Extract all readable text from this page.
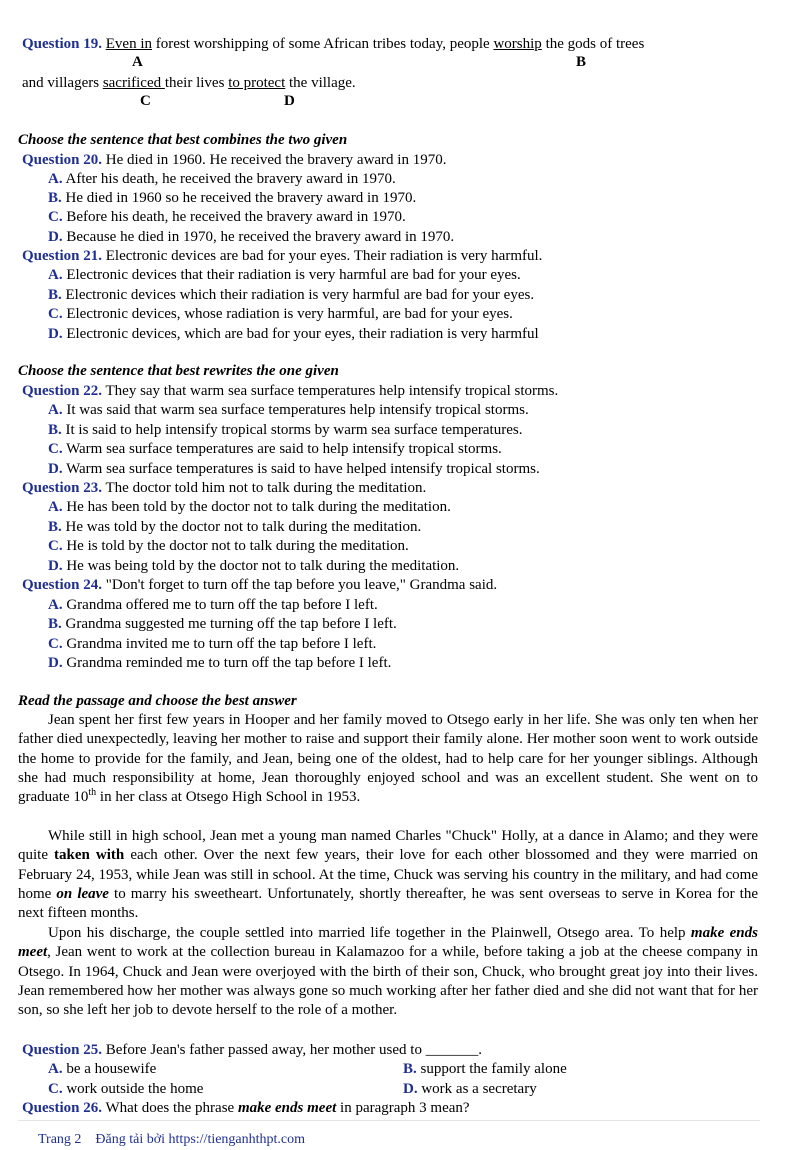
Question 19. Even in forest worshipping of some African tribes today, people worship the gods of trees
A	B
and villagers sacrificed their lives to protect the village.
C	D
Choose the sentence that best combines the two given
Question 20. He died in 1960. He received the bravery award in 1970.
A. After his death, he received the bravery award in 1970.
B. He died in 1960 so he received the bravery award in 1970.
C. Before his death, he received the bravery award in 1970.
D. Because he died in 1970, he received the bravery award in 1970.
Question 21. Electronic devices are bad for your eyes. Their radiation is very harmful.
A. Electronic devices that their radiation is very harmful are bad for your eyes.
B. Electronic devices which their radiation is very harmful are bad for your eyes.
C. Electronic devices, whose radiation is very harmful, are bad for your eyes.
D. Electronic devices, which are bad for your eyes, their radiation is very harmful
Choose the sentence that best rewrites the one given
Question 22. They say that warm sea surface temperatures help intensify tropical storms.
A. It was said that warm sea surface temperatures help intensify tropical storms.
B. It is said to help intensify tropical storms by warm sea surface temperatures.
C. Warm sea surface temperatures are said to help intensify tropical storms.
D. Warm sea surface temperatures is said to have helped intensify tropical storms.
Question 23. The doctor told him not to talk during the meditation.
A. He has been told by the doctor not to talk during the meditation.
B. He was told by the doctor not to talk during the meditation.
C. He is told by the doctor not to talk during the meditation.
D. He was being told by the doctor not to talk during the meditation.
Question 24. "Don't forget to turn off the tap before you leave," Grandma said.
A. Grandma offered me to turn off the tap before I left.
B. Grandma suggested me turning off the tap before I left.
C. Grandma invited me to turn off the tap before I left.
D. Grandma reminded me to turn off the tap before I left.
Read the passage and choose the best answer
Jean spent her first few years in Hooper and her family moved to Otsego early in her life. She was only ten when her father died unexpectedly, leaving her mother to raise and support their family alone. Her mother soon went to work outside the home to provide for the family, and Jean, being one of the oldest, had to help care for her younger siblings. Although she had much responsibility at home, Jean thoroughly enjoyed school and was an excellent student. She went on to graduate 10th in her class at Otsego High School in 1953.
While still in high school, Jean met a young man named Charles "Chuck" Holly, at a dance in Alamo; and they were quite taken with each other. Over the next few years, their love for each other blossomed and they were married on February 24, 1953, while Jean was still in school. At the time, Chuck was serving his country in the military, and had come home on leave to marry his sweetheart. Unfortunately, shortly thereafter, he was sent overseas to serve in Korea for the next fifteen months.
Upon his discharge, the couple settled into married life together in the Plainwell, Otsego area. To help make ends meet, Jean went to work at the collection bureau in Kalamazoo for a while, before taking a job at the cheese company in Otsego. In 1964, Chuck and Jean were overjoyed with the birth of their son, Chuck, who brought great joy into their lives. Jean remembered how her mother was always gone so much working after her father died and she did not want that for her son, so she left her job to devote herself to the role of a mother.
Question 25. Before Jean's father passed away, her mother used to _______.
A. be a housewife	B. support the family alone
C. work outside the home	D. work as a secretary
Question 26. What does the phrase make ends meet in paragraph 3 mean?
Trang 2    Đăng tải bởi https://tienganhthpt.com
